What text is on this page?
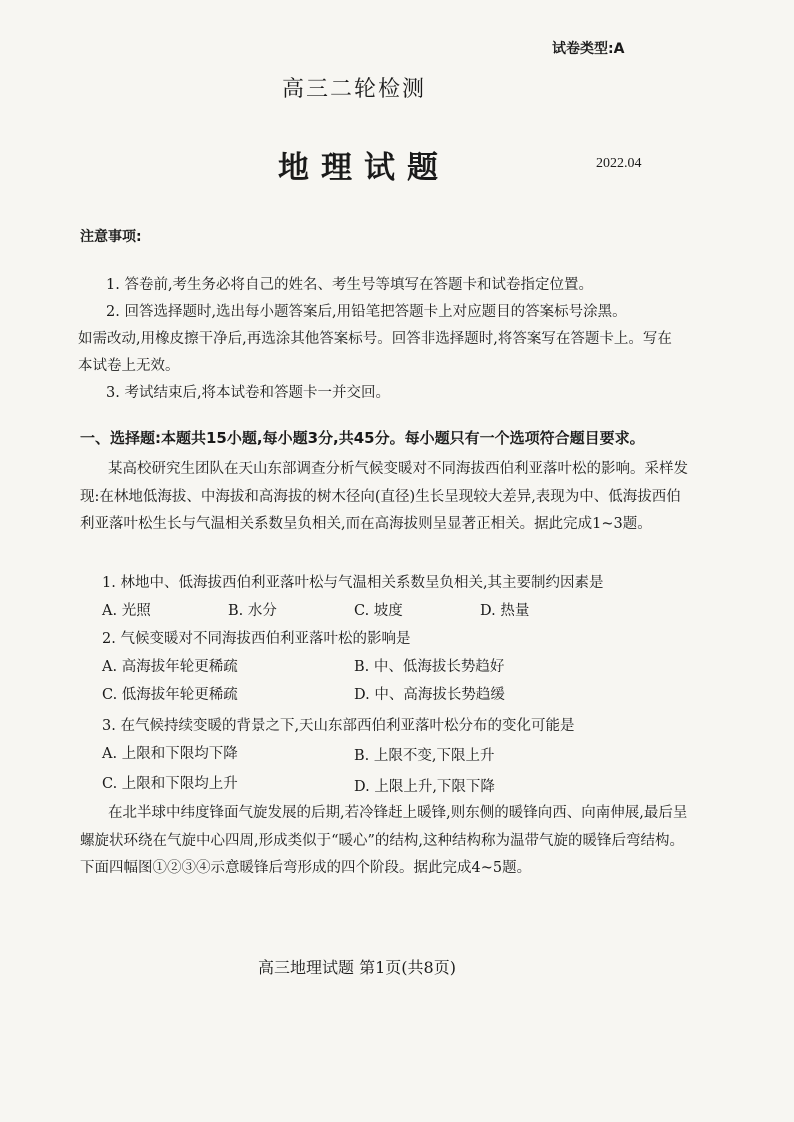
试卷类型:A
高三二轮检测
地理试题	2022.04
注意事项:

1. 答卷前,考生务必将自己的姓名、考生号等填写在答题卡和试卷指定位置。

2. 回答选择题时,选出每小题答案后,用铅笔把答题卡上对应题目的答案标号涂黑。

如需改动,用橡皮擦干净后,再选涂其他答案标号。回答非选择题时,将答案写在答题卡上。写在本试卷上无效。

3. 考试结束后,将本试卷和答题卡一并交回。

一、选择题:本题共15小题,每小题3分,共45分。每小题只有一个选项符合题目要求。

某高校研究生团队在天山东部调查分析气候变暖对不同海拔西伯利亚落叶松的影响。采样发现:在林地低海拔、中海拔和高海拔的树木径向(直径)生长呈现较大差异,表现为中、低海拔西伯利亚落叶松生长与气温相关系数呈负相关,而在高海拔则呈显著正相关。据此完成1~3题。

1. 林地中、低海拔西伯利亚落叶松与气温相关系数呈负相关,其主要制约因素是
A. 光照	B. 水分	C. 坡度	D. 热量
2. 气候变暖对不同海拔西伯利亚落叶松的影响是
A. 高海拔年轮更稀疏	B. 中、低海拔长势趋好
C. 低海拔年轮更稀疏	D. 中、高海拔长势趋缓
3. 在气候持续变暖的背景之下,天山东部西伯利亚落叶松分布的变化可能是
A. 上限和下限均下降	B. 上限不变,下限上升
C. 上限和下限均上升	D. 上限上升,下限下降

在北半球中纬度锋面气旋发展的后期,若冷锋赶上暖锋,则东侧的暖锋向西、向南伸展,最后呈螺旋状环绕在气旋中心四周,形成类似于“暖心”的结构,这种结构称为温带气旋的暖锋后弯结构。下面四幅图①②③④示意暖锋后弯形成的四个阶段。据此完成4~5题。

高三地理试题 第1页(共8页)
